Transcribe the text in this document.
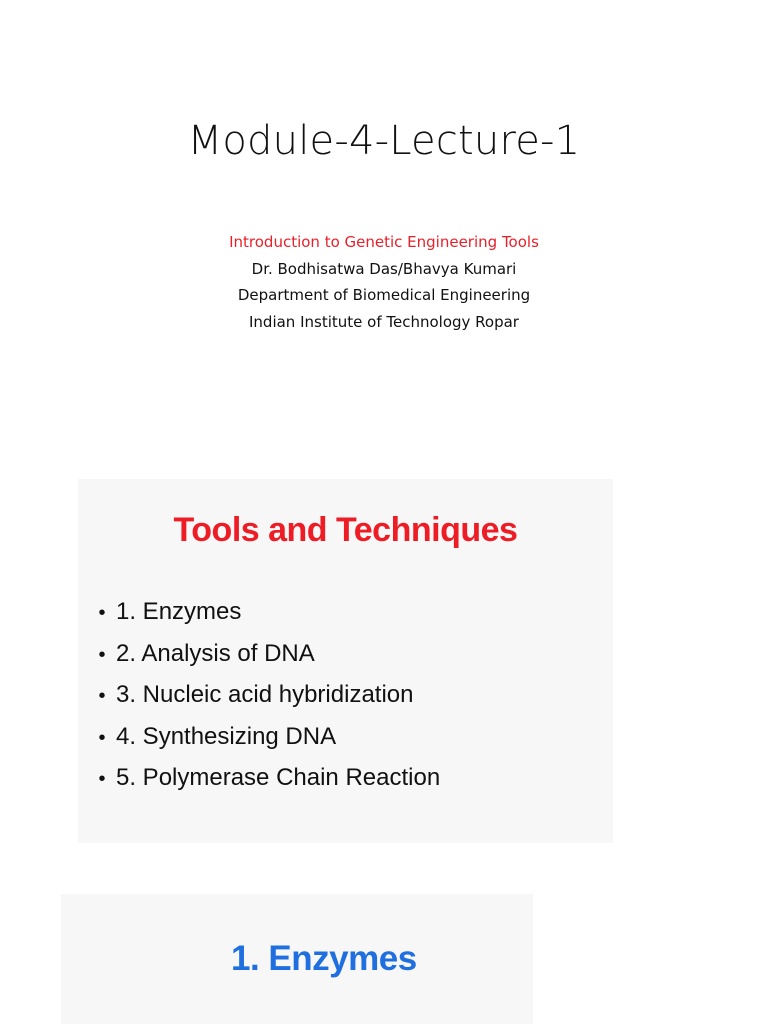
Module-4-Lecture-1
Introduction to Genetic Engineering Tools
Dr. Bodhisatwa Das/Bhavya Kumari
Department of Biomedical Engineering
Indian Institute of Technology Ropar
Tools and Techniques
• 1. Enzymes
• 2. Analysis of DNA
• 3. Nucleic acid hybridization
• 4. Synthesizing DNA
• 5. Polymerase Chain Reaction
1. Enzymes
